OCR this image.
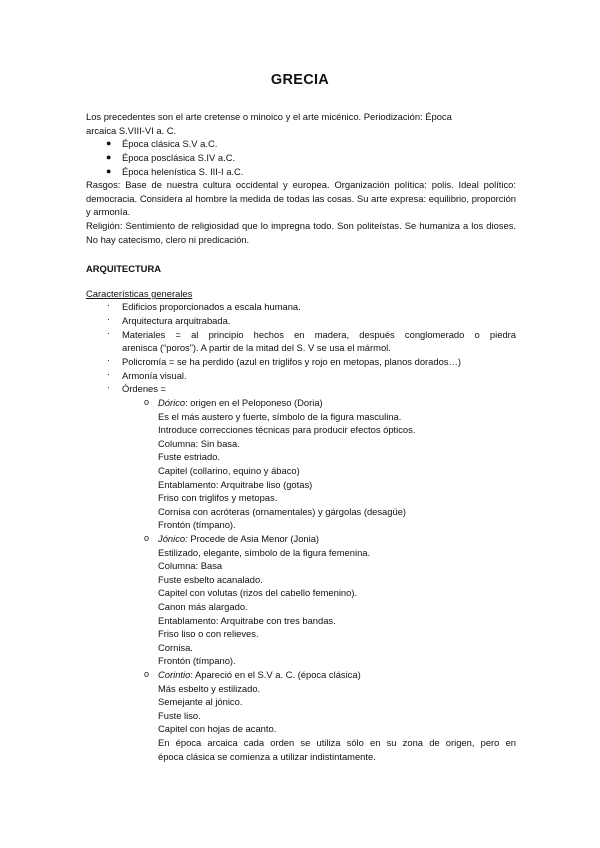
GRECIA
Los precedentes son el arte cretense o minoico y el arte micénico. Periodización: Época
arcaica S.VIII-VI a. C.
● Época clásica S.V a.C.
● Época posclásica S.IV a.C.
● Época helenística S. III-I a.C.
Rasgos: Base de nuestra cultura occidental y europea. Organización política: polis. Ideal político: democracia. Considera al hombre la medida de todas las cosas. Su arte expresa: equilibrio, proporción y armonía.
Religión: Sentimiento de religiosidad que lo impregna todo. Son politeístas. Se humaniza a los dioses. No hay catecismo, clero ni predicación.
ARQUITECTURA
Características generales
· Edificios proporcionados a escala humana.
· Arquitectura arquitrabada.
· Materiales = al principio hechos en madera, después conglomerado o piedra
arenisca (“poros”). A partir de la mitad del S. V se usa el mármol.
· Policromía = se ha perdido (azul en triglifos y rojo en metopas, planos dorados…)
· Armonía visual.
· Órdenes =
o Dórico: origen en el Peloponeso (Doria)
Es el más austero y fuerte, símbolo de la figura masculina.
Introduce correcciones técnicas para producir efectos ópticos.
Columna: Sin basa.
Fuste estriado.
Capitel (collarino, equino y ábaco)
Entablamento: Arquitrabe liso (gotas)
Friso con triglifos y metopas.
Cornisa con acróteras (ornamentales) y gárgolas (desagüe)
Frontón (tímpano).
o Jónico: Procede de Asia Menor (Jonia)
Estilizado, elegante, símbolo de la figura femenina.
Columna: Basa
Fuste esbelto acanalado.
Capitel con volutas (rizos del cabello femenino).
Canon más alargado.
Entablamento: Arquitrabe con tres bandas.
Friso liso o con relieves.
Cornisa.
Frontón (tímpano).
o Corintio: Apareció en el S.V a. C. (época clásica)
Más esbelto y estilizado.
Semejante al jónico.
Fuste liso.
Capitel con hojas de acanto.
En época arcaica cada orden se utiliza sólo en su zona de origen, pero en
época clásica se comienza a utilizar indistintamente.
